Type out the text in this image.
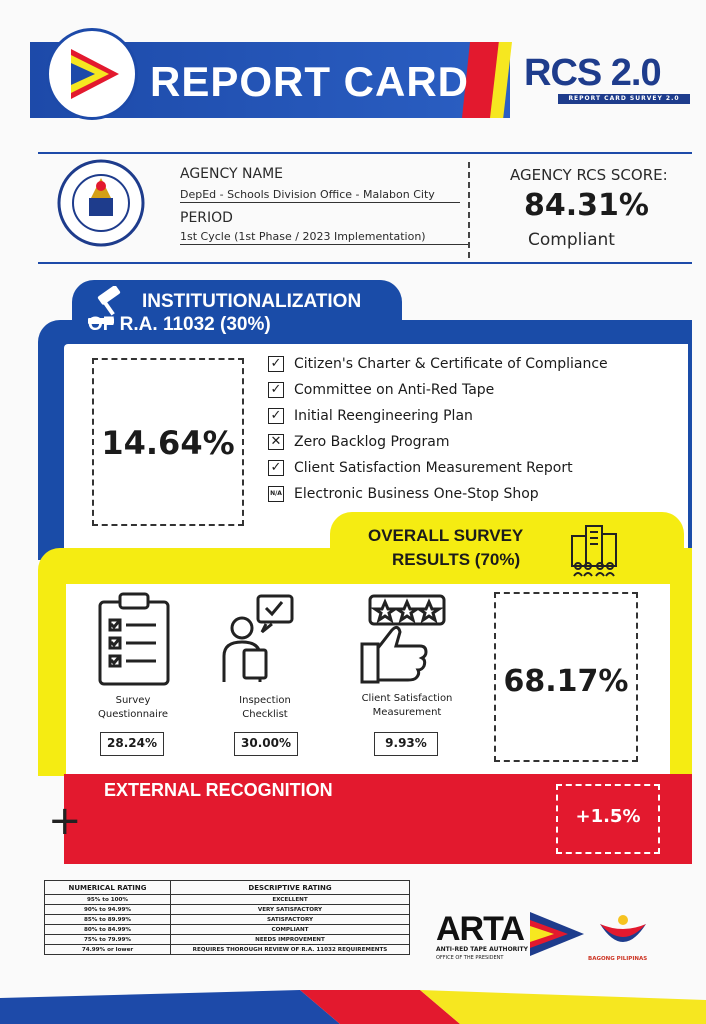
REPORT CARD RCS 2.0
REPORT CARD SURVEY 2.0
AGENCY NAME
DepEd - Schools Division Office - Malabon City
PERIOD
1st Cycle (1st Phase / 2023 Implementation)
AGENCY RCS SCORE:
84.31%
Compliant
INSTITUTIONALIZATION
OF R.A. 11032 (30%)
14.64%
✓ Citizen's Charter & Certificate of Compliance
✓ Committee on Anti-Red Tape
✓ Initial Reengineering Plan
✕ Zero Backlog Program
✓ Client Satisfaction Measurement Report
N/A Electronic Business One-Stop Shop
OVERALL SURVEY
RESULTS (70%)
Survey
Questionnaire
Inspection
Checklist
Client Satisfaction
Measurement
28.24%	30.00%	9.93%
68.17%
+
EXTERNAL RECOGNITION
+1.5%
NUMERICAL RATING	DESCRIPTIVE RATING
95% to 100%	EXCELLENT
90% to 94.99%	VERY SATISFACTORY
85% to 89.99%	SATISFACTORY
80% to 84.99%	COMPLIANT
75% to 79.99%	NEEDS IMPROVEMENT
74.99% or lower	REQUIRES THOROUGH REVIEW OF R.A. 11032 REQUIREMENTS
ARTA
ANTI-RED TAPE AUTHORITY
OFFICE OF THE PRESIDENT	BAGONG PILIPINAS
